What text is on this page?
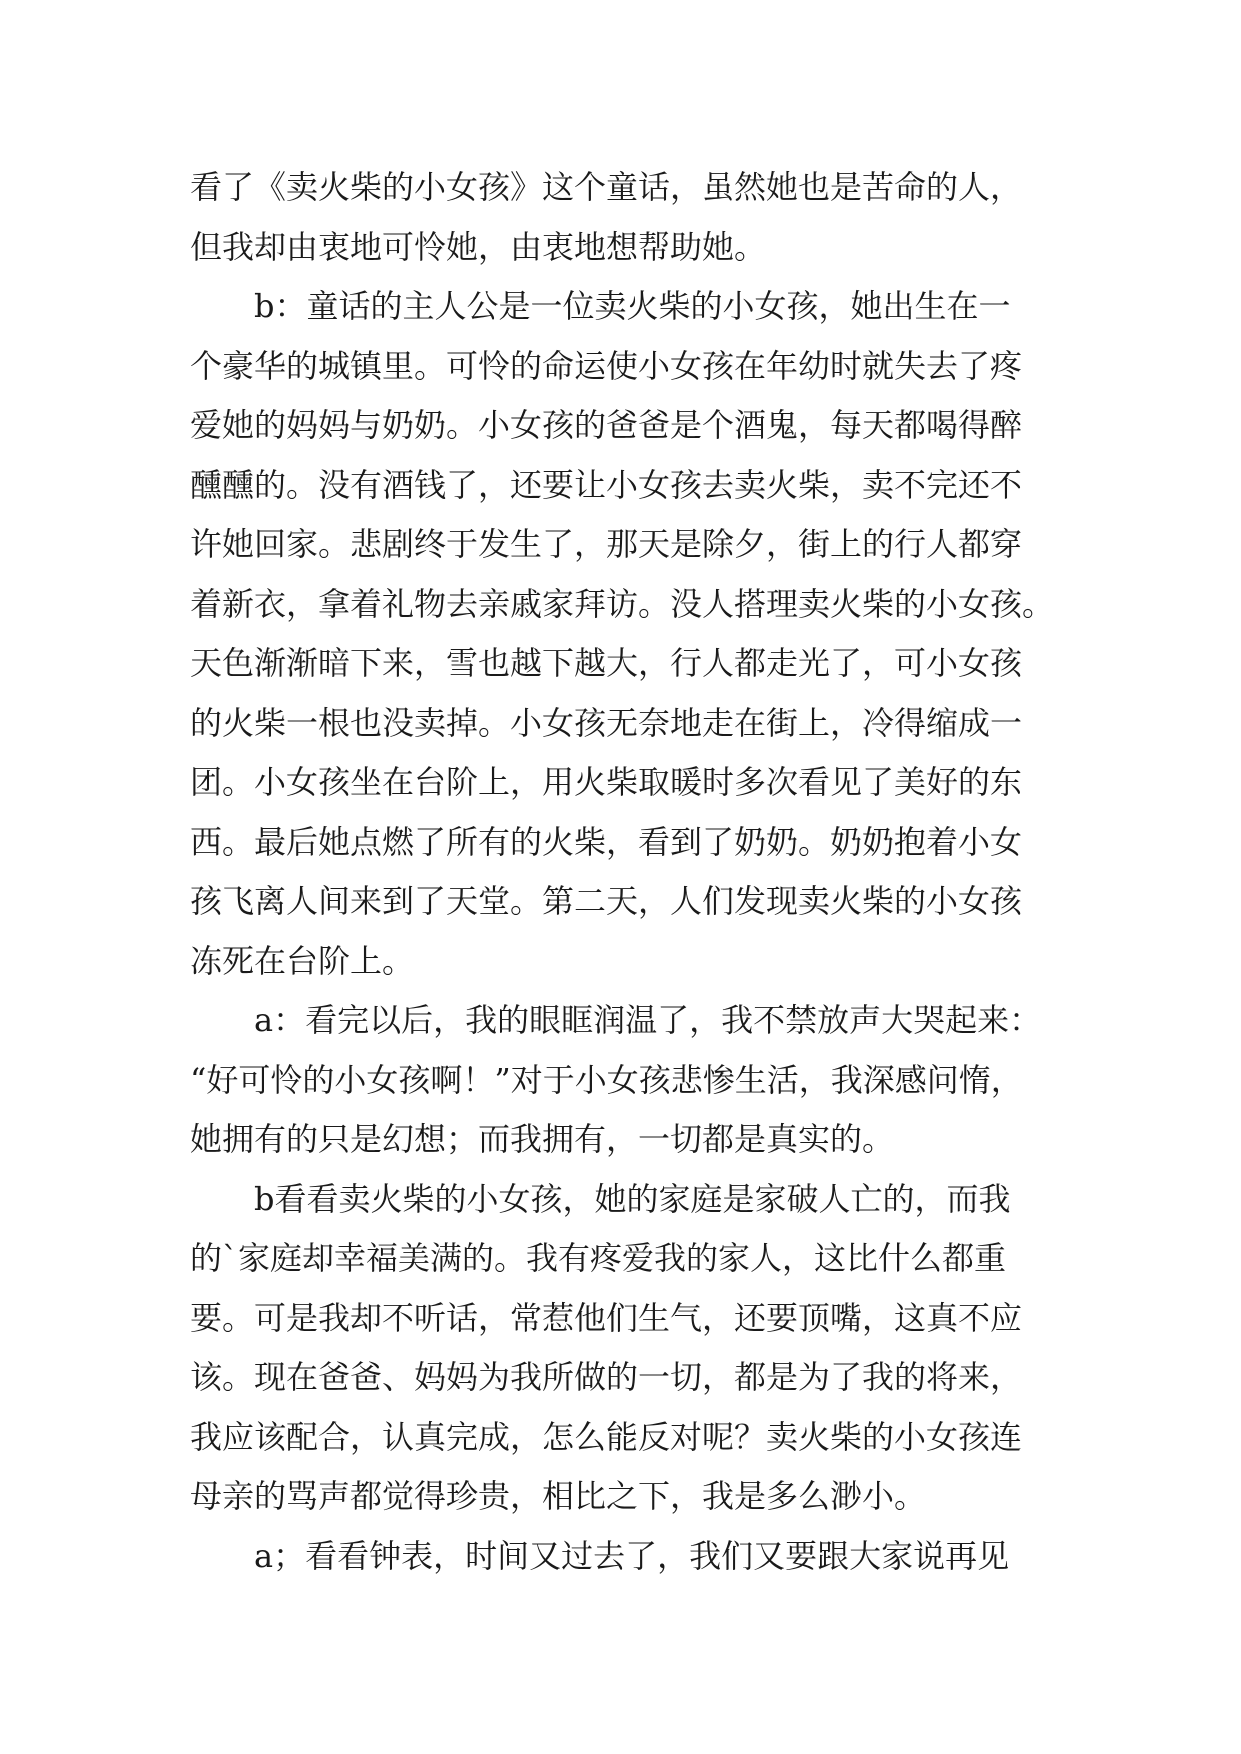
看了《卖火柴的小女孩》这个童话，虽然她也是苦命的人，
但我却由衷地可怜她，由衷地想帮助她。
b：童话的主人公是一位卖火柴的小女孩，她出生在一
个豪华的城镇里。可怜的命运使小女孩在年幼时就失去了疼
爱她的妈妈与奶奶。小女孩的爸爸是个酒鬼，每天都喝得醉
醺醺的。没有酒钱了，还要让小女孩去卖火柴，卖不完还不
许她回家。悲剧终于发生了，那天是除夕，街上的行人都穿
着新衣，拿着礼物去亲戚家拜访。没人搭理卖火柴的小女孩。
天色渐渐暗下来，雪也越下越大，行人都走光了，可小女孩
的火柴一根也没卖掉。小女孩无奈地走在街上，冷得缩成一
团。小女孩坐在台阶上，用火柴取暖时多次看见了美好的东
西。最后她点燃了所有的火柴，看到了奶奶。奶奶抱着小女
孩飞离人间来到了天堂。第二天，人们发现卖火柴的小女孩
冻死在台阶上。
a：看完以后，我的眼眶润温了，我不禁放声大哭起来：
“好可怜的小女孩啊！”对于小女孩悲惨生活，我深感问惰，
她拥有的只是幻想；而我拥有，一切都是真实的。
b看看卖火柴的小女孩，她的家庭是家破人亡的，而我
的`家庭却幸福美满的。我有疼爱我的家人，这比什么都重
要。可是我却不听话，常惹他们生气，还要顶嘴，这真不应
该。现在爸爸、妈妈为我所做的一切，都是为了我的将来，
我应该配合，认真完成，怎么能反对呢？卖火柴的小女孩连
母亲的骂声都觉得珍贵，相比之下，我是多么渺小。
a；看看钟表，时间又过去了，我们又要跟大家说再见
